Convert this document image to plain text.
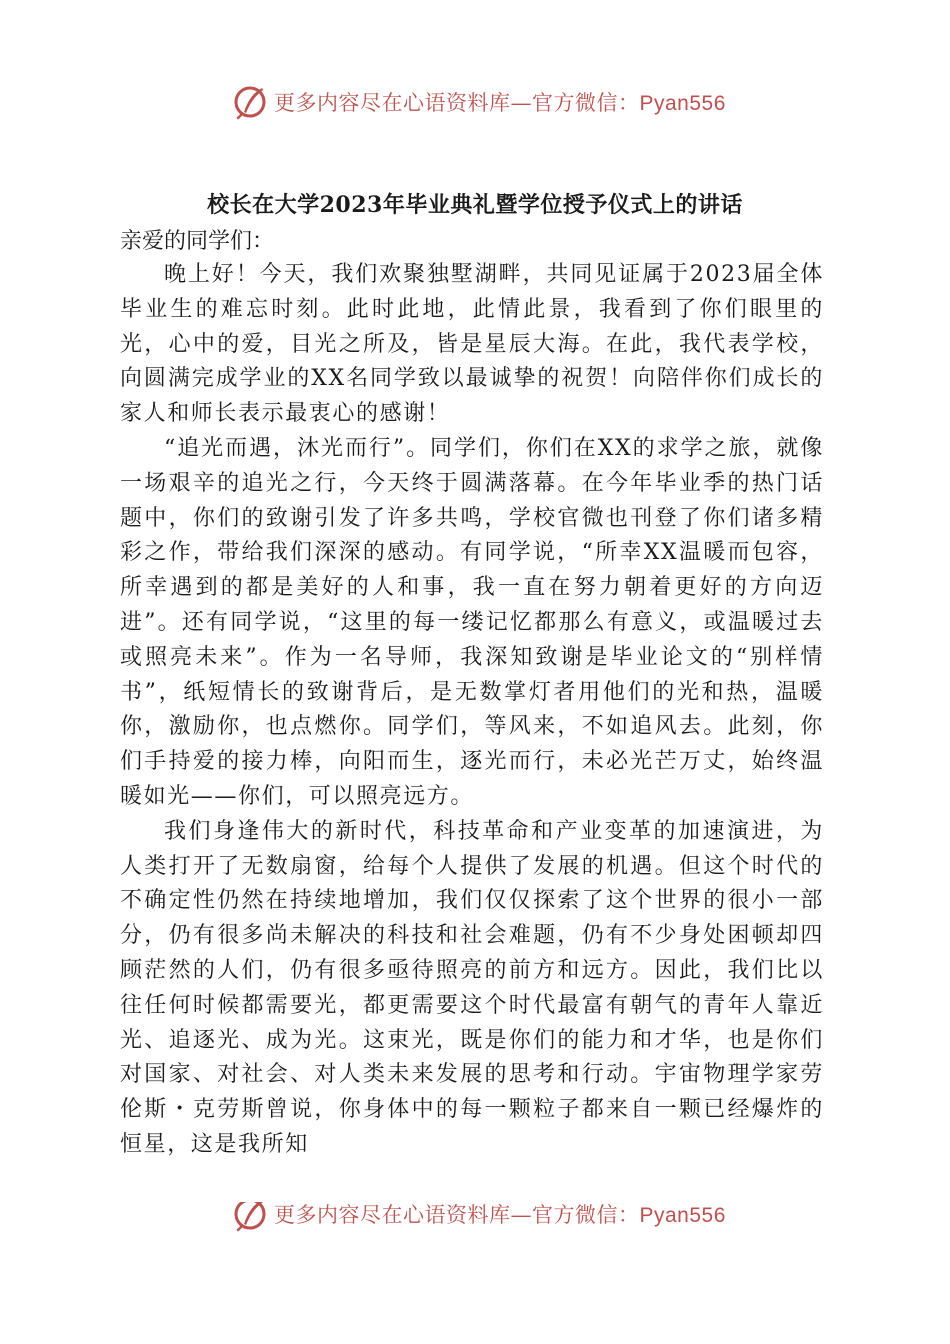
更多内容尽在心语资料库—官方微信：Pyan556
校长在大学2023年毕业典礼暨学位授予仪式上的讲话
亲爱的同学们：

晚上好！今天，我们欢聚独墅湖畔，共同见证属于2023届全体毕业生的难忘时刻。此时此地，此情此景，我看到了你们眼里的光，心中的爱，目光之所及，皆是星辰大海。在此，我代表学校，向圆满完成学业的XX名同学致以最诚挚的祝贺！向陪伴你们成长的家人和师长表示最衷心的感谢！

“追光而遇，沐光而行”。同学们，你们在XX的求学之旅，就像一场艰辛的追光之行，今天终于圆满落幕。在今年毕业季的热门话题中，你们的致谢引发了许多共鸣，学校官微也刊登了你们诸多精彩之作，带给我们深深的感动。有同学说，“所幸XX温暖而包容，所幸遇到的都是美好的人和事，我一直在努力朝着更好的方向迈进”。还有同学说，“这里的每一缕记忆都那么有意义，或温暖过去或照亮未来”。作为一名导师，我深知致谢是毕业论文的“别样情书”，纸短情长的致谢背后，是无数掌灯者用他们的光和热，温暖你，激励你，也点燃你。同学们，等风来，不如追风去。此刻，你们手持爱的接力棒，向阳而生，逐光而行，未必光芒万丈，始终温暖如光——你们，可以照亮远方。

我们身逢伟大的新时代，科技革命和产业变革的加速演进，为人类打开了无数扇窗，给每个人提供了发展的机遇。但这个时代的不确定性仍然在持续地增加，我们仅仅探索了这个世界的很小一部分，仍有很多尚未解决的科技和社会难题，仍有不少身处困顿却四顾茫然的人们，仍有很多亟待照亮的前方和远方。因此，我们比以往任何时候都需要光，都更需要这个时代最富有朝气的青年人靠近光、追逐光、成为光。这束光，既是你们的能力和才华，也是你们对国家、对社会、对人类未来发展的思考和行动。宇宙物理学家劳伦斯・克劳斯曾说，你身体中的每一颗粒子都来自一颗已经爆炸的恒星，这是我所知

更多内容尽在心语资料库—官方微信：Pyan556
